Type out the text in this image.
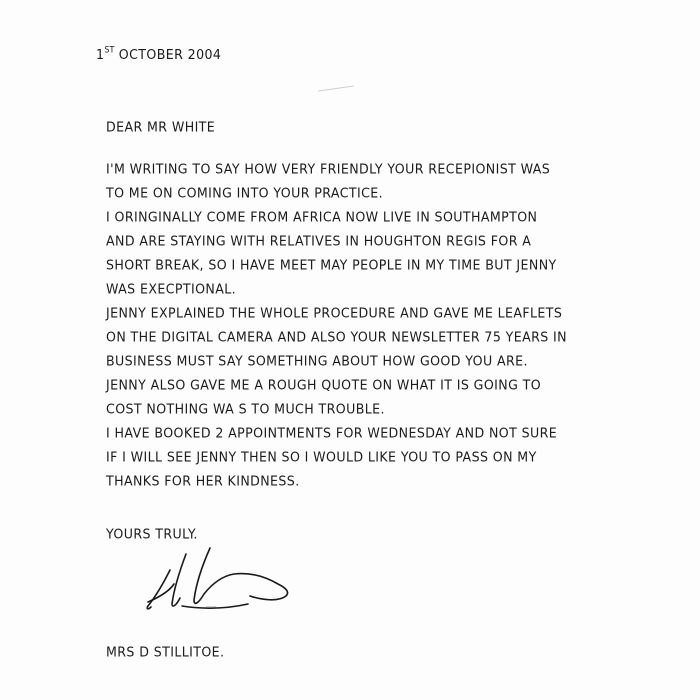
1ST OCTOBER 2004
DEAR MR WHITE
I'M WRITING TO SAY HOW VERY FRIENDLY YOUR RECEPIONIST WAS
TO ME ON COMING INTO YOUR PRACTICE.
I ORINGINALLY COME FROM AFRICA NOW LIVE IN SOUTHAMPTON
AND ARE STAYING WITH RELATIVES IN HOUGHTON REGIS FOR A
SHORT BREAK, SO I HAVE MEET MAY PEOPLE IN MY TIME BUT JENNY
WAS EXECPTIONAL.
JENNY EXPLAINED THE WHOLE PROCEDURE AND GAVE ME LEAFLETS
ON THE DIGITAL CAMERA AND ALSO YOUR NEWSLETTER 75 YEARS IN
BUSINESS MUST SAY SOMETHING ABOUT HOW GOOD YOU ARE.
JENNY ALSO GAVE ME A ROUGH QUOTE ON WHAT IT IS GOING TO
COST NOTHING WA S TO MUCH TROUBLE.
I HAVE BOOKED 2 APPOINTMENTS FOR WEDNESDAY AND NOT SURE
IF I WILL SEE JENNY THEN SO I WOULD LIKE YOU TO PASS ON MY
THANKS FOR HER KINDNESS.
YOURS TRULY.
MRS D STILLITOE.
